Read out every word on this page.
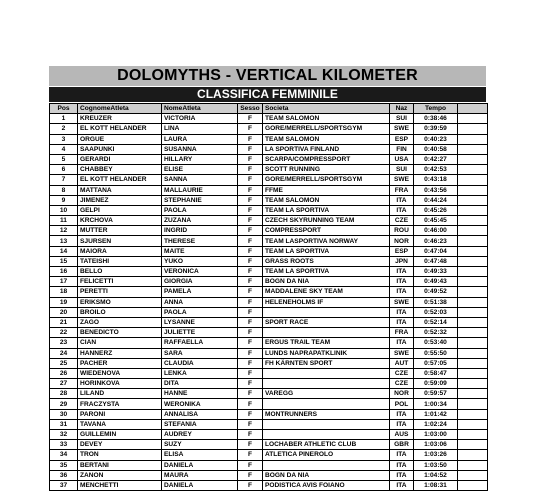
DOLOMYTHS - VERTICAL KILOMETER
CLASSIFICA FEMMINILE
Pos	CognomeAtleta	NomeAtleta	Sesso	Societa	Naz	Tempo	
1	KREUZER	VICTORIA	F	TEAM SALOMON	SUI	0:38:46	
2	EL KOTT HELANDER	LINA	F	GORE/MERRELL/SPORTSGYM	SWE	0:39:59	
3	ORGUE	LAURA	F	TEAM SALOMON	ESP	0:40:23	
4	SAAPUNKI	SUSANNA	F	LA SPORTIVA FINLAND	FIN	0:40:58	
5	GERARDI	HILLARY	F	SCARPA/COMPRESSPORT	USA	0:42:27	
6	CHABBEY	ELISE	F	SCOTT RUNNING	SUI	0:42:53	
7	EL KOTT HELANDER	SANNA	F	GORE/MERRELL/SPORTSGYM	SWE	0:43:18	
8	MATTANA	MALLAURIE	F	FFME	FRA	0:43:56	
9	JIMENEZ	STEPHANIE	F	TEAM SALOMON	ITA	0:44:24	
10	GELPI	PAOLA	F	TEAM LA SPORTIVA	ITA	0:45:26	
11	KRCHOVA	ZUZANA	F	CZECH SKYRUNNING TEAM	CZE	0:45:45	
12	MUTTER	INGRID	F	COMPRESSPORT	ROU	0:46:00	
13	SJURSEN	THERESE	F	TEAM LASPORTIVA NORWAY	NOR	0:46:23	
14	MAIORA	MAITE	F	TEAM LA SPORTIVA	ESP	0:47:04	
15	TATEISHI	YUKO	F	GRASS ROOTS	JPN	0:47:48	
16	BELLO	VERONICA	F	TEAM LA SPORTIVA	ITA	0:49:33	
17	FELICETTI	GIORGIA	F	BOGN DA NIA	ITA	0:49:43	
18	PERETTI	PAMELA	F	MADDALENE SKY TEAM	ITA	0:49:52	
19	ERIKSMO	ANNA	F	HELENEHOLMS IF	SWE	0:51:38	
20	BROILO	PAOLA	F		ITA	0:52:03	
21	ZAGO	LYSANNE	F	SPORT RACE	ITA	0:52:14	
22	BENEDICTO	JULIETTE	F		FRA	0:52:32	
23	CIAN	RAFFAELLA	F	ERGUS TRAIL TEAM	ITA	0:53:40	
24	HANNERZ	SARA	F	LUNDS NAPRAPATKLINIK	SWE	0:55:50	
25	PACHER	CLAUDIA	F	FH KÄRNTEN SPORT	AUT	0:57:05	
26	WIEDENOVA	LENKA	F		CZE	0:58:47	
27	HORINKOVA	DITA	F		CZE	0:59:09	
28	LILAND	HANNE	F	VAREGG	NOR	0:59:57	
29	FRACZYSTA	WERONIKA	F		POL	1:00:34	
30	PARONI	ANNALISA	F	MONTRUNNERS	ITA	1:01:42	
31	TAVANA	STEFANIA	F		ITA	1:02:24	
32	GUILLEMIN	AUDREY	F		AUS	1:03:00	
33	DEVEY	SUZY	F	LOCHABER ATHLETIC CLUB	GBR	1:03:06	
34	TRON	ELISA	F	ATLETICA PINEROLO	ITA	1:03:26	
35	BERTANI	DANIELA	F		ITA	1:03:50	
36	ZANON	MAURA	F	BOGN DA NIA	ITA	1:04:52	
37	MENCHETTI	DANIELA	F	PODISTICA AVIS FOIANO	ITA	1:08:31	
